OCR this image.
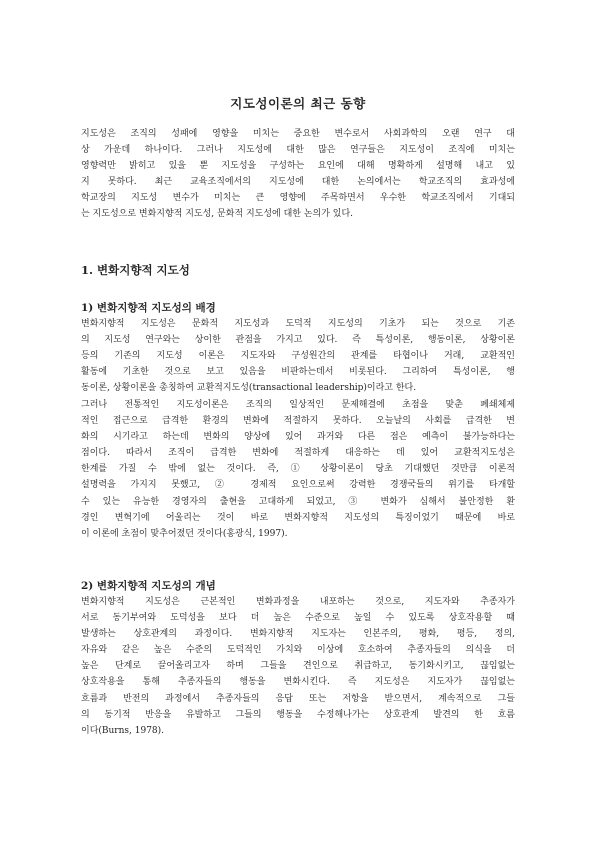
지도성이론의 최근 동향
지도성은 조직의 성패에 영향을 미치는 중요한 변수로서 사회과학의 오랜 연구 대
상 가운데 하나이다. 그러나 지도성에 대한 많은 연구들은 지도성이 조직에 미치는
영향력만 밝히고 있을 뿐 지도성을 구성하는 요인에 대해 명확하게 설명해 내고 있
지 못하다. 최근 교육조직에서의 지도성에 대한 논의에서는 학교조직의 효과성에
학교장의 지도성 변수가 미치는 큰 영향에 주목하면서 우수한 학교조직에서 기대되
는 지도성으로 변화지향적 지도성, 문화적 지도성에 대한 논의가 있다.
1. 변화지향적 지도성
1) 변화지향적 지도성의 배경
변화지향적 지도성은 문화적 지도성과 도덕적 지도성의 기초가 되는 것으로 기존
의 지도성 연구와는 상이한 관점을 가지고 있다. 즉 특성이론, 행동이론, 상황이론
등의 기존의 지도성 이론은 지도자와 구성원간의 관계를 타협이나 거래, 교환적인
활동에 기초한 것으로 보고 있음을 비판하는데서 비롯된다. 그리하여 특성이론, 행
동이론, 상황이론을 총칭하여 교환적지도성(transactional leadership)이라고 한다.
그러나 전통적인 지도성이론은 조직의 일상적인 문제해결에 초점을 맞춘 폐쇄체제
적인 접근으로 급격한 환경의 변화에 적절하지 못하다. 오늘날의 사회를 급격한 변
화의 시기라고 하는데 변화의 양상에 있어 과거와 다른 점은 예측이 불가능하다는
점이다. 따라서 조직이 급격한 변화에 적절하게 대응하는 데 있어 교환적지도성은
한계를 가질 수 밖에 없는 것이다. 즉, ① 상황이론이 당초 기대했던 것만큼 이론적
설명력을 가지지 못했고, ② 경제적 요인으로써 강력한 경쟁국들의 위기를 타개할
수 있는 유능한 경영자의 출현을 고대하게 되었고, ③ 변화가 심해서 불안정한 환
경인 변혁기에 어울리는 것이 바로 변화지향적 지도성의 특징이었기 때문에 바로
이 이론에 초점이 맞추어졌던 것이다(홍광식, 1997).
2) 변화지향적 지도성의 개념
변화지향적 지도성은 근본적인 변화과정을 내포하는 것으로, 지도자와 추종자가
서로 동기부여와 도덕성을 보다 더 높은 수준으로 높일 수 있도록 상호작용할 때
발생하는 상호관계의 과정이다. 변화지향적 지도자는 인본주의, 평화, 평등, 정의,
자유와 같은 높은 수준의 도덕적인 가치와 이상에 호소하여 추종자들의 의식을 더
높은 단계로 끌어올리고자 하며 그들을 견인으로 취급하고, 동기화시키고, 끊임없는
상호작용을 통해 추종자들의 행동을 변화시킨다. 즉 지도성은 지도자가 끊임없는
흐름과 반전의 과정에서 추종자들의 응답 또는 저항을 받으면서, 계속적으로 그들
의 동기적 반응을 유발하고 그들의 행동을 수정해나가는 상호관계 발견의 한 흐름
이다(Burns, 1978).
